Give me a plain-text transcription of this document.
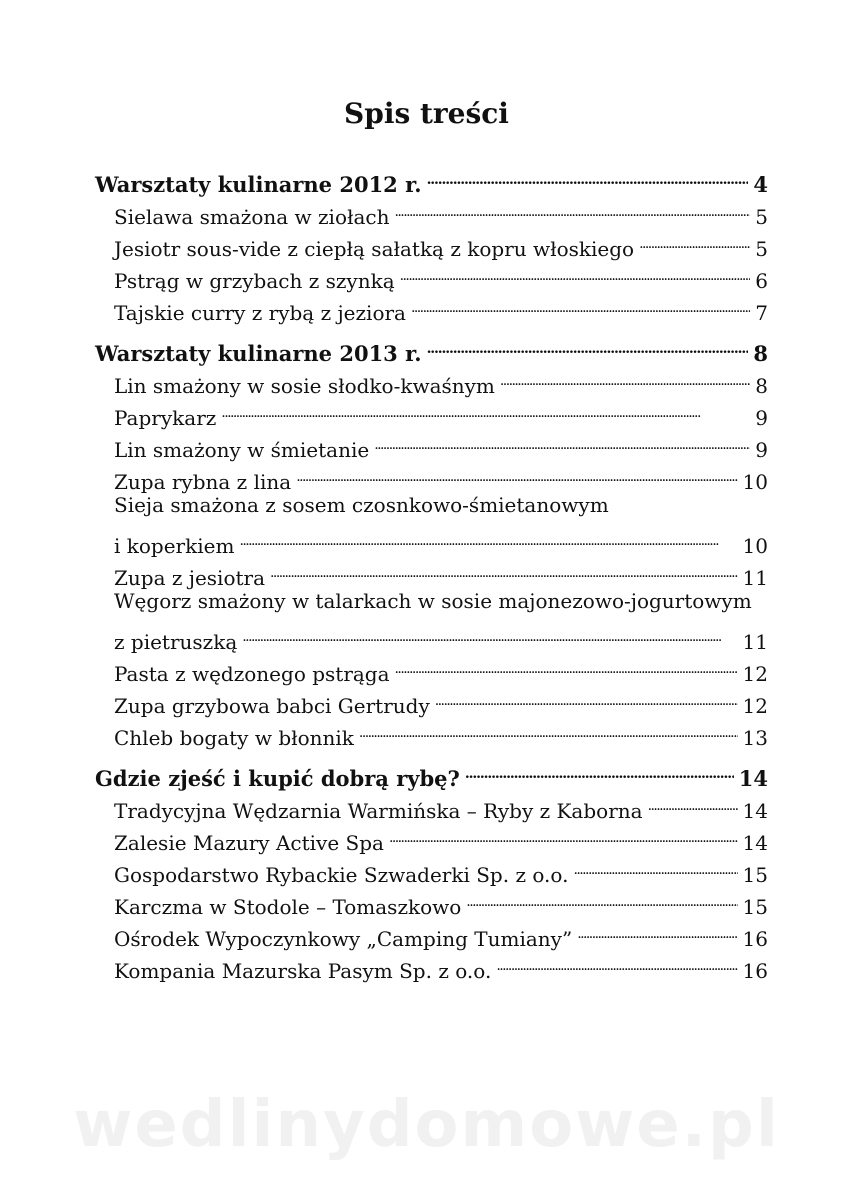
Spis treści
Warsztaty kulinarne 2012 r.	4
Sielawa smażona w ziołach	5
Jesiotr sous-vide z ciepłą sałatką z kopru włoskiego	5
Pstrąg w grzybach z szynką	6
Tajskie curry z rybą z jeziora	7
Warsztaty kulinarne 2013 r.	8
Lin smażony w sosie słodko-kwaśnym	8
Paprykarz	9
Lin smażony w śmietanie	9
Zupa rybna z lina	10
Sieja smażona z sosem czosnkowo-śmietanowym
i koperkiem	10
Zupa z jesiotra	11
Węgorz smażony w talarkach w sosie majonezowo-jogurtowym
z pietruszką	11
Pasta z wędzonego pstrąga	12
Zupa grzybowa babci Gertrudy	12
Chleb bogaty w błonnik	13
Gdzie zjeść i kupić dobrą rybę?	14
Tradycyjna Wędzarnia Warmińska – Ryby z Kaborna	14
Zalesie Mazury Active Spa	14
Gospodarstwo Rybackie Szwaderki Sp. z o.o.	15
Karczma w Stodole – Tomaszkowo	15
Ośrodek Wypoczynkowy „Camping Tumiany”	16
Kompania Mazurska Pasym Sp. z o.o.	16
wedlinydomowe.pl
